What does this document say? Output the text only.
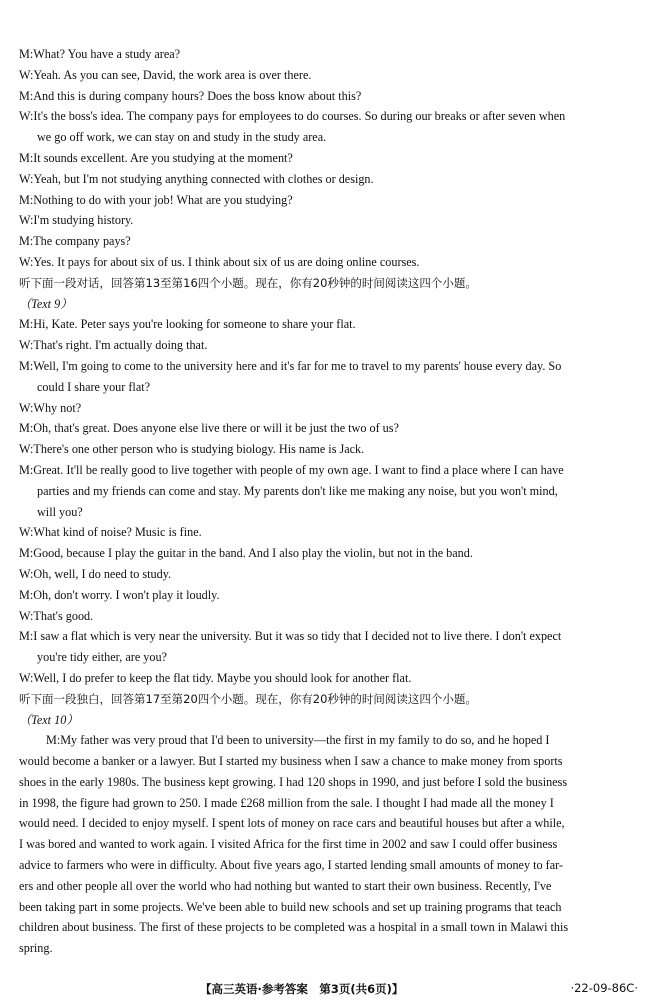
M:What? You have a study area?

W:Yeah. As you can see, David, the work area is over there.

M:And this is during company hours? Does the boss know about this?

W:It's the boss's idea. The company pays for employees to do courses. So during our breaks or after seven when

we go off work, we can stay on and study in the study area.

M:It sounds excellent. Are you studying at the moment?

W:Yeah, but I'm not studying anything connected with clothes or design.

M:Nothing to do with your job! What are you studying?

W:I'm studying history.

M:The company pays?

W:Yes. It pays for about six of us. I think about six of us are doing online courses.

听下面一段对话，回答第13至第16四个小题。现在，你有20秒钟的时间阅读这四个小题。

（Text 9）

M:Hi, Kate. Peter says you're looking for someone to share your flat.

W:That's right. I'm actually doing that.

M:Well, I'm going to come to the university here and it's far for me to travel to my parents' house every day. So

could I share your flat?

W:Why not?

M:Oh, that's great. Does anyone else live there or will it be just the two of us?

W:There's one other person who is studying biology. His name is Jack.

M:Great. It'll be really good to live together with people of my own age. I want to find a place where I can have

parties and my friends can come and stay. My parents don't like me making any noise, but you won't mind,

will you?

W:What kind of noise? Music is fine.

M:Good, because I play the guitar in the band. And I also play the violin, but not in the band.

W:Oh, well, I do need to study.

M:Oh, don't worry. I won't play it loudly.

W:That's good.

M:I saw a flat which is very near the university. But it was so tidy that I decided not to live there. I don't expect

you're tidy either, are you?

W:Well, I do prefer to keep the flat tidy. Maybe you should look for another flat.

听下面一段独白，回答第17至第20四个小题。现在，你有20秒钟的时间阅读这四个小题。

（Text 10）

M:My father was very proud that I'd been to university—the first in my family to do so, and he hoped I

would become a banker or a lawyer. But I started my business when I saw a chance to make money from sports

shoes in the early 1980s. The business kept growing. I had 120 shops in 1990, and just before I sold the business

in 1998, the figure had grown to 250. I made £268 million from the sale. I thought I had made all the money I

would need. I decided to enjoy myself. I spent lots of money on race cars and beautiful houses but after a while,

I was bored and wanted to work again. I visited Africa for the first time in 2002 and saw I could offer business

advice to farmers who were in difficulty. About five years ago, I started lending small amounts of money to far-

ers and other people all over the world who had nothing but wanted to start their own business. Recently, I've

been taking part in some projects. We've been able to build new schools and set up training programs that teach

children about business. The first of these projects to be completed was a hospital in a small town in Malawi this

spring.

【高三英语·参考答案　第3页(共6页)】	·22-09-86C·
